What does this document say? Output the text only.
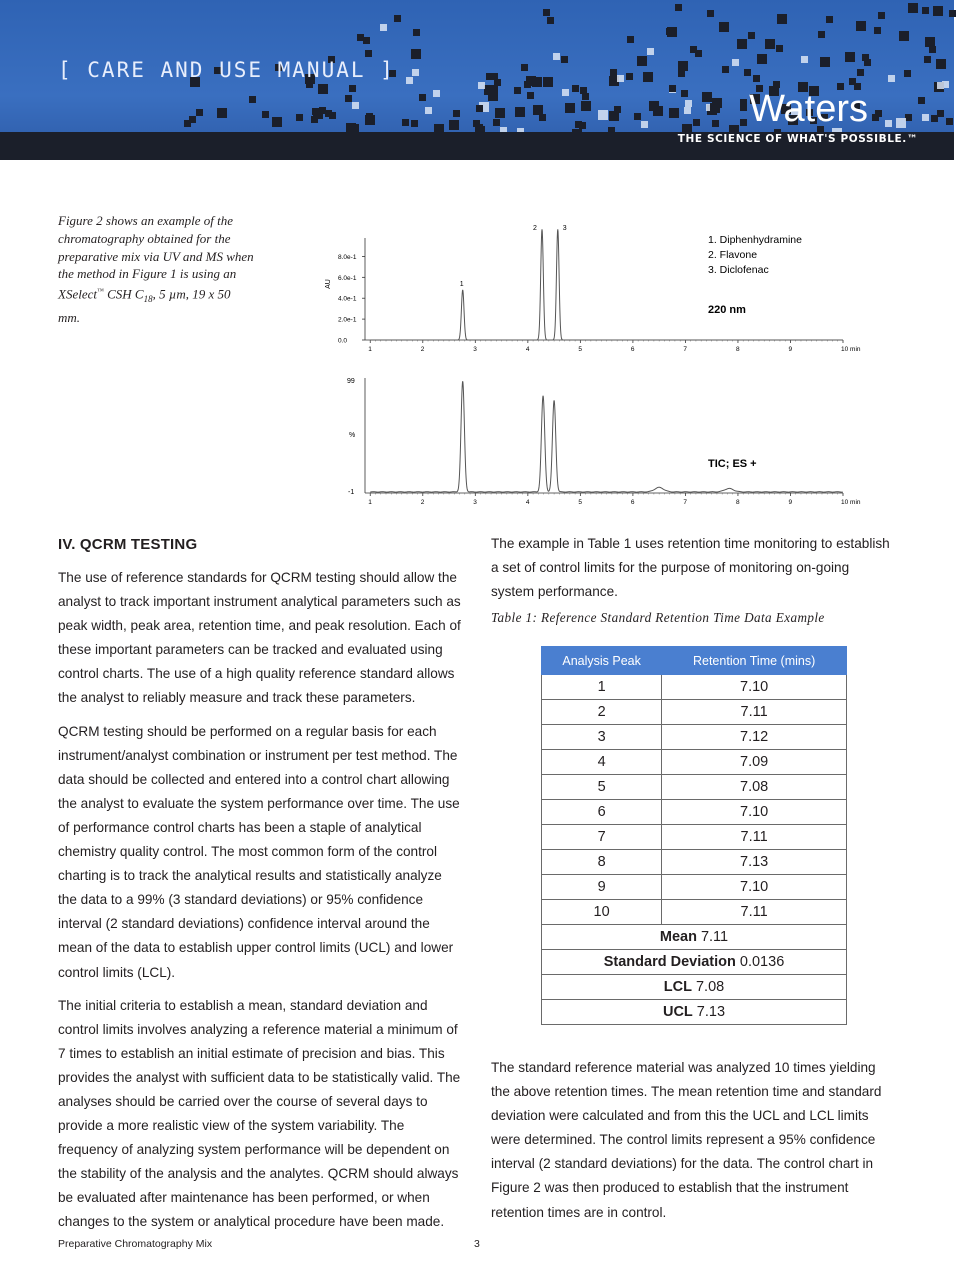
[ CARE AND USE MANUAL ]
Waters
THE SCIENCE OF WHAT'S POSSIBLE.™
Figure 2 shows an example of the chromatography obtained for the preparative mix via UV and MS when the method in Figure 1 is using an XSelect™ CSH $C_{18}$, 5 µm, 19 x 50 mm.
AU
0.0
2.0e-1
4.0e-1
6.0e-1
8.0e-1
1	2	3	4	5	6	7	8	9	10 min
1
2	3
1. Diphenhydramine
2. Flavone
3. Diclofenac
220 nm
99
%
-1
1	2	3	4	5	6	7	8	9	10 min
TIC; ES +
IV. QCRM TESTING

The use of reference standards for QCRM testing should allow the analyst to track important instrument analytical parameters such as peak width, peak area, retention time, and peak resolution. Each of these important parameters can be tracked and evaluated using control charts. The use of a high quality reference standard allows the analyst to reliably measure and track these parameters.

QCRM testing should be performed on a regular basis for each instrument/analyst combination or instrument per test method. The data should be collected and entered into a control chart allowing the analyst to evaluate the system performance over time. The use of performance control charts has been a staple of analytical chemistry quality control. The most common form of the control charting is to track the analytical results and statistically analyze the data to a 99% (3 standard deviations) or 95% confidence interval (2 standard deviations) confidence interval around the mean of the data to establish upper control limits (UCL) and lower control limits (LCL).

The initial criteria to establish a mean, standard deviation and control limits involves analyzing a reference material a minimum of 7 times to establish an initial estimate of precision and bias. This provides the analyst with sufficient data to be statistically valid. The analyses should be carried over the course of several days to provide a more realistic view of the system variability. The frequency of analyzing system performance will be dependent on the stability of the analysis and the analytes. QCRM should always be evaluated after maintenance has been performed, or when changes to the system or analytical procedure have been made.

The example in Table 1 uses retention time monitoring to establish a set of control limits for the purpose of monitoring on-going system performance.

Table 1: Reference Standard Retention Time Data Example
Analysis Peak	Retention Time (mins)
1	7.10
2	7.11
3	7.12
4	7.09
5	7.08
6	7.10
7	7.11
8	7.13
9	7.10
10	7.11
Mean 7.11	
Standard Deviation 0.0136	
LCL 7.08	
UCL 7.13	

The standard reference material was analyzed 10 times yielding the above retention times. The mean retention time and standard deviation were calculated and from this the UCL and LCL limits were determined. The control limits represent a 95% confidence interval (2 standard deviations) for the data. The control chart in Figure 2 was then produced to establish that the instrument retention times are in control.

Preparative Chromatography Mix	3
